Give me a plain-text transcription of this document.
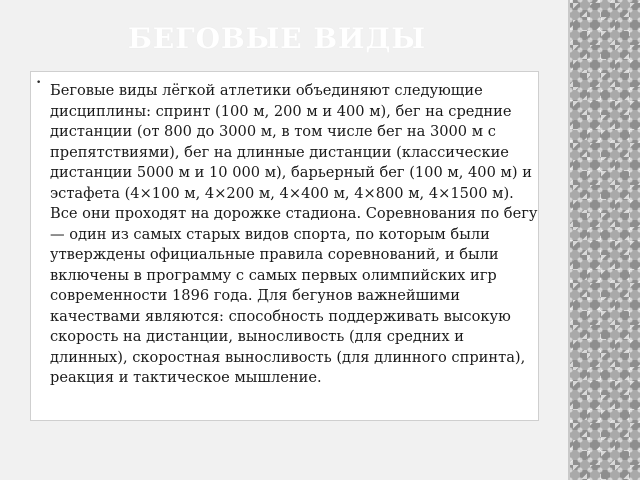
БЕГОВЫЕ ВИДЫ
• Беговые виды лёгкой атлетики объединяют следующие дисциплины: спринт (100 м, 200 м и 400 м), бег на средние дистанции (от 800 до 3000 м, в том числе бег на 3000 м с препятствиями), бег на длинные дистанции (классические дистанции 5000 м и 10 000 м), барьерный бег (100 м, 400 м) и эстафета (4×100 м, 4×200 м, 4×400 м, 4×800 м, 4×1500 м). Все они проходят на дорожке стадиона. Соревнования по бегу — один из самых старых видов спорта, по которым были утверждены официальные правила соревнований, и были включены в программу с самых первых олимпийских игр современности 1896 года. Для бегунов важнейшими качествами являются: способность поддерживать высокую скорость на дистанции, выносливость (для средних и длинных), скоростная выносливость (для длинного спринта), реакция и тактическое мышление.
